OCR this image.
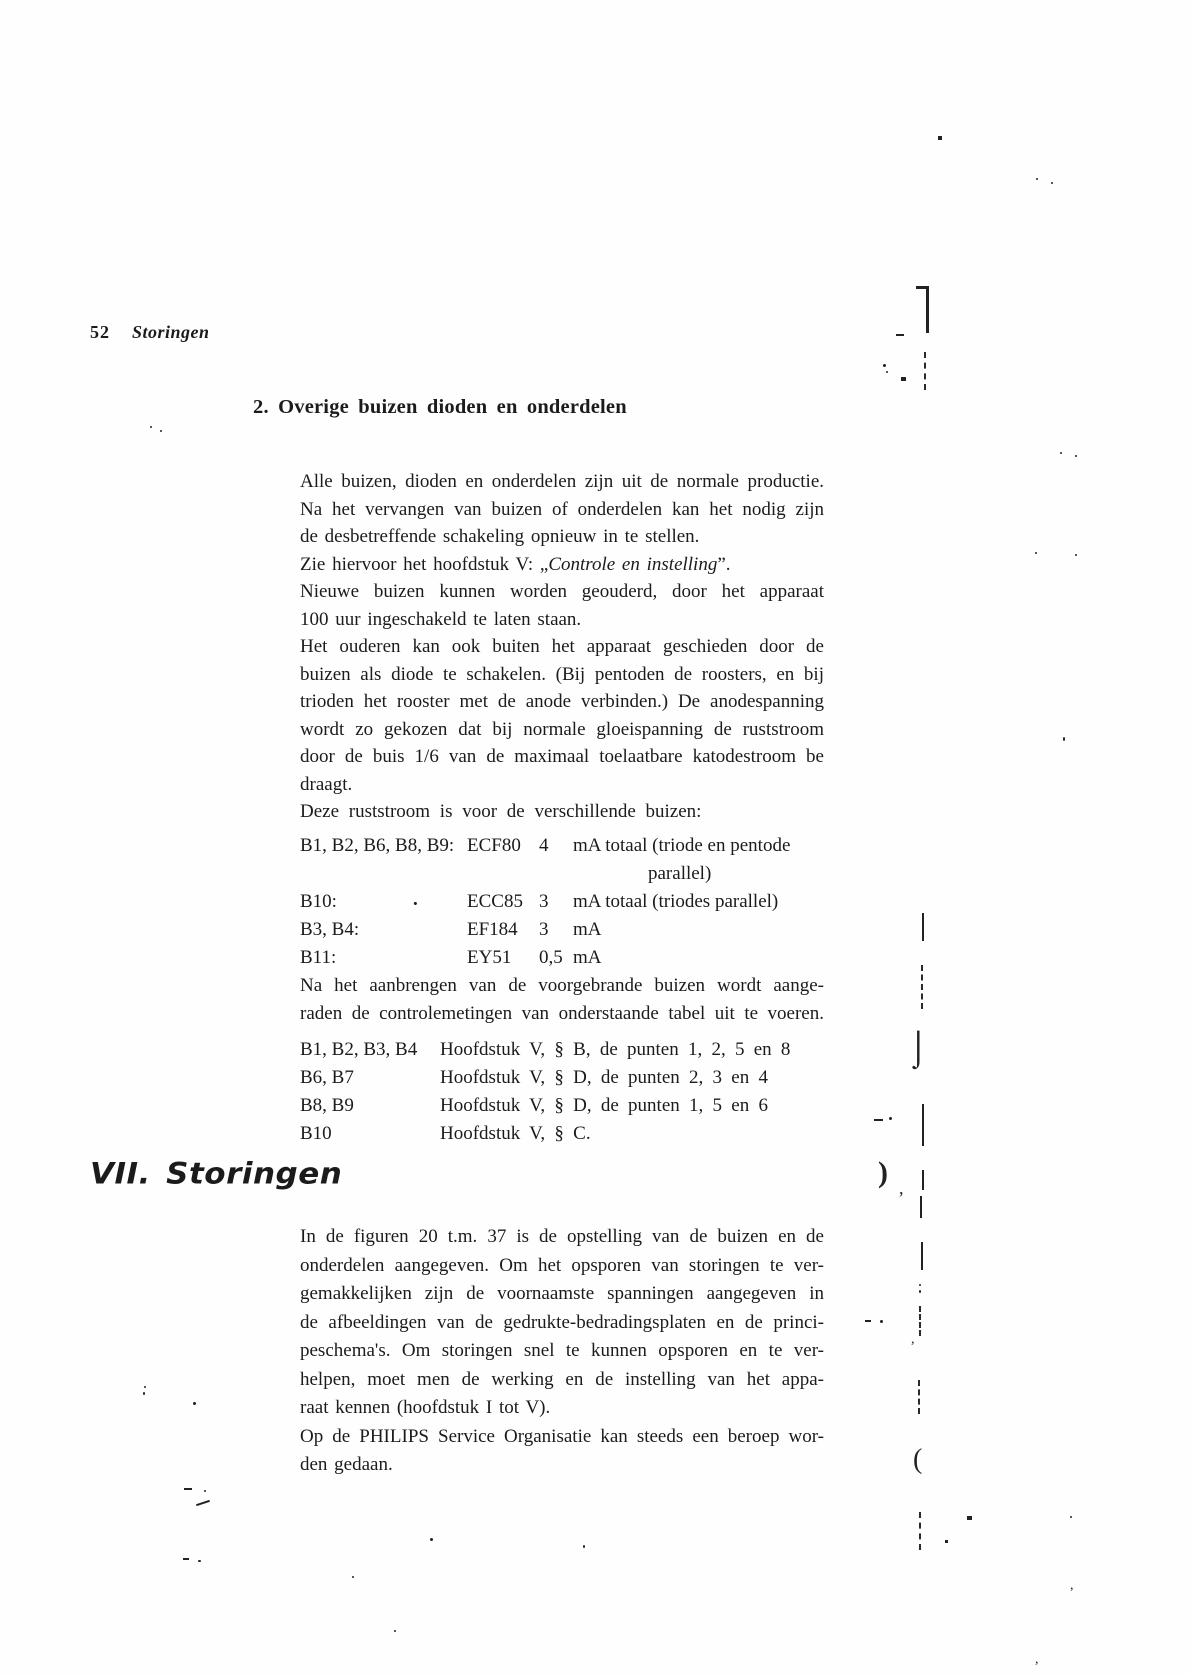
52 Storingen
2. Overige buizen dioden en onderdelen
Alle buizen, dioden en onderdelen zijn uit de normale productie.
Na het vervangen van buizen of onderdelen kan het nodig zijn
de desbetreffende schakeling opnieuw in te stellen.
Zie hiervoor het hoofdstuk V: „Controle en instelling”.
Nieuwe buizen kunnen worden geouderd, door het apparaat
100 uur ingeschakeld te laten staan.
Het ouderen kan ook buiten het apparaat geschieden door de
buizen als diode te schakelen. (Bij pentoden de roosters, en bij
trioden het rooster met de anode verbinden.) De anodespanning
wordt zo gekozen dat bij normale gloeispanning de ruststroom
door de buis 1/6 van de maximaal toelaatbare katodestroom be
draagt.
Deze ruststroom is voor de verschillende buizen:
B1, B2, B6, B8, B9: ECF80 4	mA totaal (triode en pentode
parallel)
B10:	.	ECC85 3	mA totaal (triodes parallel)
B3, B4:	EF184	3	mA
B11:	EY51	0,5 mA
Na het aanbrengen van de voorgebrande buizen wordt aange-
raden de controlemetingen van onderstaande tabel uit te voeren.
B1, B2, B3, B4	Hoofdstuk V, § B, de punten 1, 2, 5 en 8
B6, B7	Hoofdstuk V, § D, de punten 2, 3 en 4
B8, B9	Hoofdstuk V, § D, de punten 1, 5 en 6
B10	Hoofdstuk V, § C.
VII. Storingen
In de figuren 20 t.m. 37 is de opstelling van de buizen en de
onderdelen aangegeven. Om het opsporen van storingen te ver-
gemakkelijken zijn de voornaamste spanningen aangegeven in
de afbeeldingen van de gedrukte-bedradingsplaten en de princi-
peschema's. Om storingen snel te kunnen opsporen en te ver-
helpen, moet men de werking en de instelling van het appa-
raat kennen (hoofdstuk I tot V).
Op de PHILIPS Service Organisatie kan steeds een beroep wor-
den gedaan.
⌡
) ,
,
(
,
,
